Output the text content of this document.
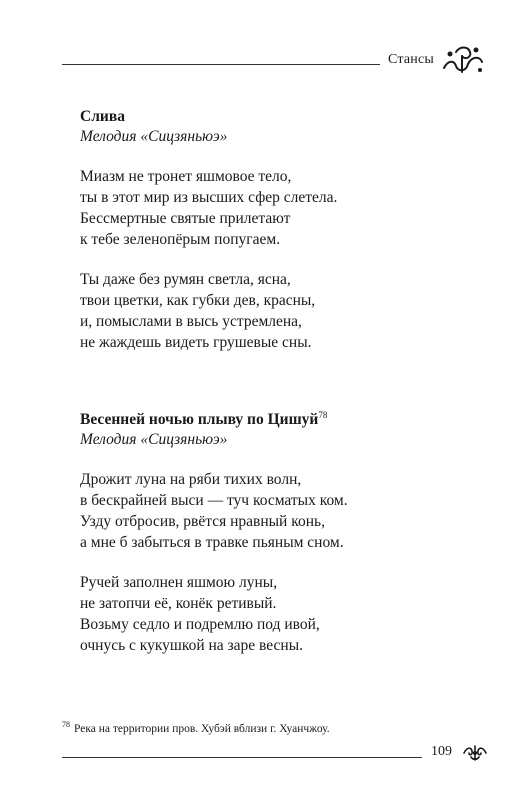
Стансы

Слива

Мелодия «Сицзяньюэ»

Миазм не тронет яшмовое тело,
ты в этот мир из высших сфер слетела.
Бессмертные святые прилетают
к тебе зеленопёрым попугаем.
Ты даже без румян светла, ясна,
твои цветки, как губки дев, красны,
и, помыслами в высь устремлена,
не жаждешь видеть грушевые сны.

Весенней ночью плыву по Цишуй$^{78}$

Мелодия «Сицзяньюэ»

Дрожит луна на ряби тихих волн,
в бескрайней выси — туч косматых ком.
Узду отбросив, рвётся нравный конь,
а мне б забыться в травке пьяным сном.
Ручей заполнен яшмою луны,
не затопчи её, конёк ретивый.
Возьму седло и подремлю под ивой,
очнусь с кукушкой на заре весны.
$^{78}$ Река на территории пров. Хубэй вблизи г. Хуанчжоу.
109
